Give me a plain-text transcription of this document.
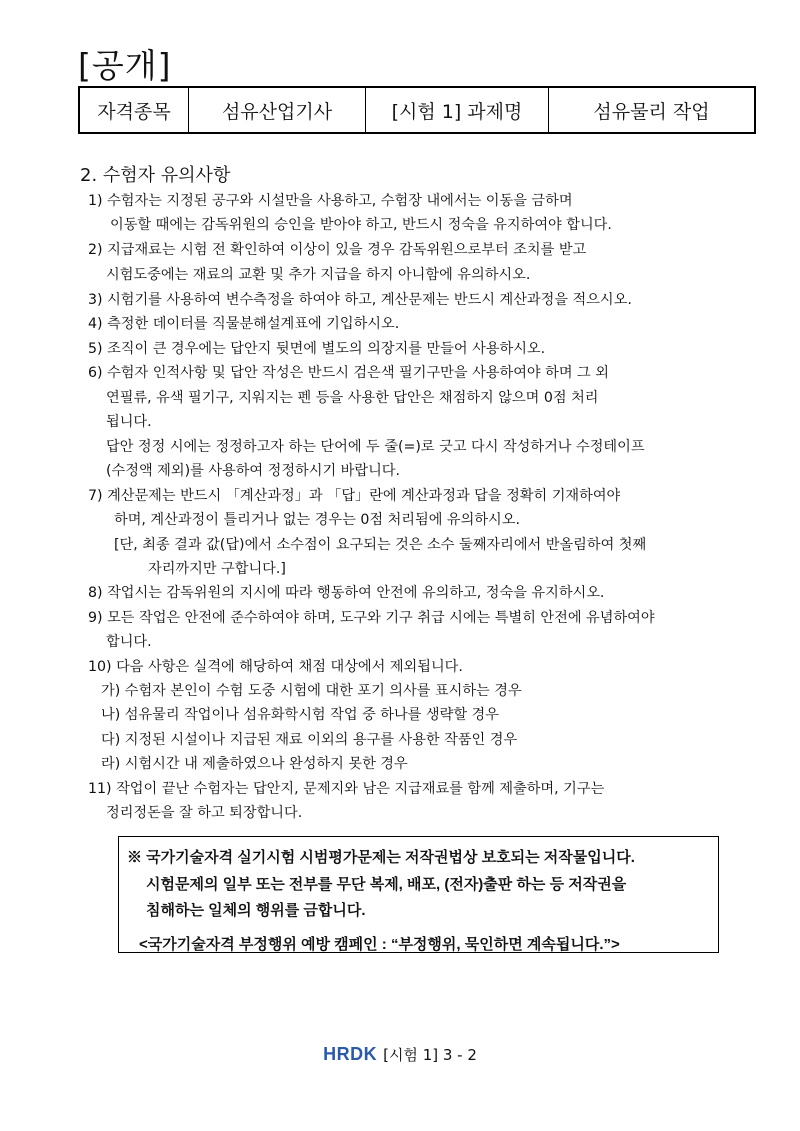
[공개]
자격종목	섬유산업기사	[시험 1] 과제명	섬유물리 작업
2. 수험자 유의사항
1) 수험자는 지정된 공구와 시설만을 사용하고, 수험장 내에서는 이동을 금하며
이동할 때에는 감독위원의 승인을 받아야 하고, 반드시 정숙을 유지하여야 합니다.
2) 지급재료는 시험 전 확인하여 이상이 있을 경우 감독위원으로부터 조치를 받고
시험도중에는 재료의 교환 및 추가 지급을 하지 아니함에 유의하시오.
3) 시험기를 사용하여 변수측정을 하여야 하고, 계산문제는 반드시 계산과정을 적으시오.
4) 측정한 데이터를 직물분해설계표에 기입하시오.
5) 조직이 큰 경우에는 답안지 뒷면에 별도의 의장지를 만들어 사용하시오.
6) 수험자 인적사항 및 답안 작성은 반드시 검은색 필기구만을 사용하여야 하며 그 외
연필류, 유색 필기구, 지워지는 펜 등을 사용한 답안은 채점하지 않으며 0점 처리
됩니다.
답안 정정 시에는 정정하고자 하는 단어에 두 줄(=)로 긋고 다시 작성하거나 수정테이프
(수정액 제외)를 사용하여 정정하시기 바랍니다.
7) 계산문제는 반드시 「계산과정」과 「답」란에 계산과정과 답을 정확히 기재하여야
하며, 계산과정이 틀리거나 없는 경우는 0점 처리됨에 유의하시오.
[단, 최종 결과 값(답)에서 소수점이 요구되는 것은 소수 둘째자리에서 반올림하여 첫째
자리까지만 구합니다.]
8) 작업시는 감독위원의 지시에 따라 행동하여 안전에 유의하고, 정숙을 유지하시오.
9) 모든 작업은 안전에 준수하여야 하며, 도구와 기구 취급 시에는 특별히 안전에 유념하여야
합니다.
10) 다음 사항은 실격에 해당하여 채점 대상에서 제외됩니다.
가) 수험자 본인이 수험 도중 시험에 대한 포기 의사를 표시하는 경우
나) 섬유물리 작업이나 섬유화학시험 작업 중 하나를 생략할 경우
다) 지정된 시설이나 지급된 재료 이외의 용구를 사용한 작품인 경우
라) 시험시간 내 제출하였으나 완성하지 못한 경우
11) 작업이 끝난 수험자는 답안지, 문제지와 남은 지급재료를 함께 제출하며, 기구는
정리정돈을 잘 하고 퇴장합니다.
※ 국가기술자격 실기시험 시범평가문제는 저작권법상 보호되는 저작물입니다.
시험문제의 일부 또는 전부를 무단 복제, 배포, (전자)출판 하는 등 저작권을
침해하는 일체의 행위를 금합니다.
<국가기술자격 부정행위 예방 캠페인 : “부정행위, 묵인하면 계속됩니다.”>
HRDK [시험 1] 3 - 2
